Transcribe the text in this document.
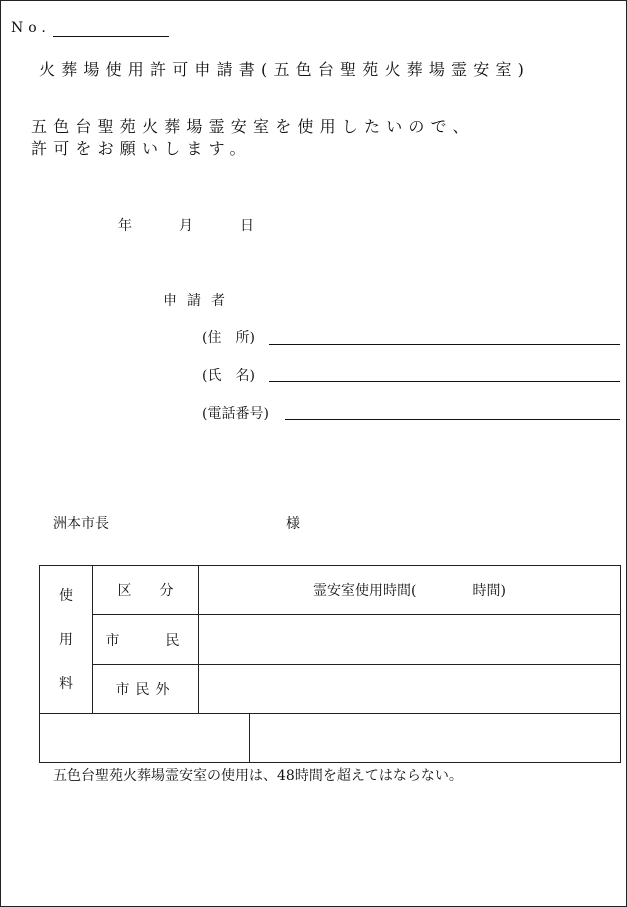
No.
火葬場使用許可申請書(五色台聖苑火葬場霊安室)
五色台聖苑火葬場霊安室を使用したいので、
許可をお願いします。
年	月	日
申請者
(住　所)
(氏　名)
(電話番号)
洲本市長	様
使
用
料	区　　分	霊安室使用時間(　　　　時間)	
	市　　民		
	市民外		

五色台聖苑火葬場霊安室の使用は、48時間を超えてはならない。
